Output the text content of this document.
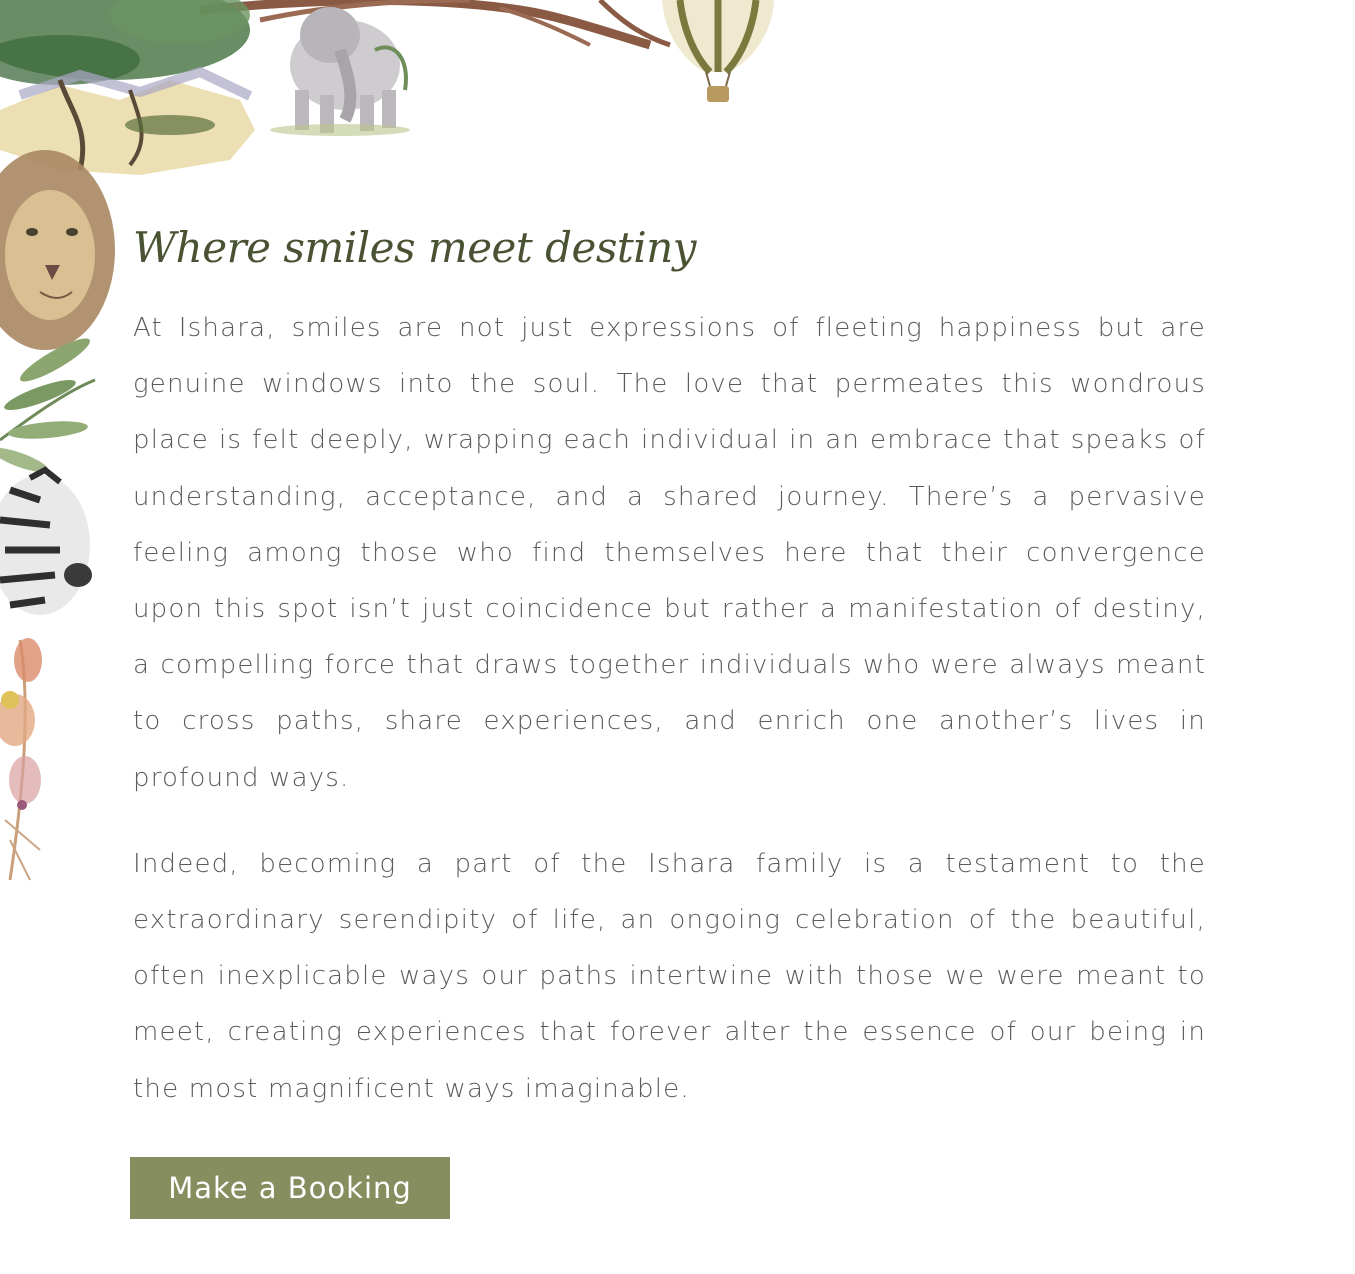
Where smiles meet destiny

At Ishara, smiles are not just expressions of fleeting happiness but are genuine windows into the soul. The love that permeates this wondrous place is felt deeply, wrapping each individual in an embrace that speaks of understanding, acceptance, and a shared journey. There’s a pervasive feeling among those who find themselves here that their convergence upon this spot isn’t just coincidence but rather a manifestation of destiny, a compelling force that draws together individuals who were always meant to cross paths, share experiences, and enrich one another’s lives in profound ways.

Indeed, becoming a part of the Ishara family is a testament to the extraordinary serendipity of life, an ongoing celebration of the beautiful, often inexplicable ways our paths intertwine with those we were meant to meet, creating experiences that forever alter the essence of our being in the most magnificent ways imaginable.

Make a Booking
